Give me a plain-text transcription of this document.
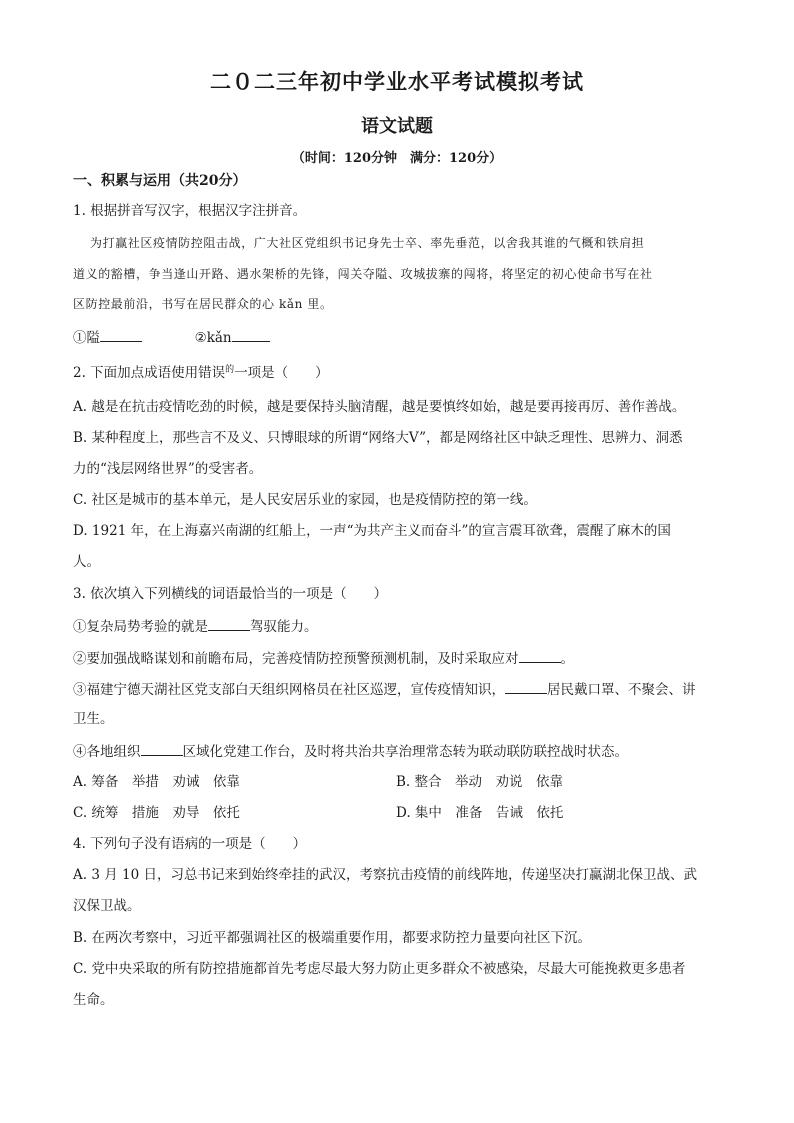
二０二三年初中学业水平考试模拟考试
语文试题
（时间：120分钟　满分：120分）
一、积累与运用（共20分）
1. 根据拼音写汉字，根据汉字注拼音。
为打赢社区疫情防控阻击战，广大社区党组织书记身先士卒、率先垂范，以舍我其谁的气概和铁肩担
道义的豁槽，争当逢山开路、遇水架桥的先锋，闯关夺隘、攻城拔寨的闯将，将坚定的初心使命书写在社
区防控最前沿，书写在居民群众的心 kǎn 里。
①隘	②kǎn
2. 下面加点成语使用错误$^的$一项是（　　）
A. 越是在抗击疫情吃劲的时候，越是要保持头脑清醒，越是要慎终如始，越是要再接再厉、善作善战。
B. 某种程度上，那些言不及义、只博眼球的所谓“网络大V”，都是网络社区中缺乏理性、思辨力、洞悉
力的“浅层网络世界”的受害者。
C. 社区是城市的基本单元，是人民安居乐业的家园，也是疫情防控的第一线。
D. 1921 年，在上海嘉兴南湖的红船上，一声“为共产主义而奋斗”的宣言震耳欲聋，震醒了麻木的国
人。
3. 依次填入下列横线的词语最恰当的一项是（　　）
①复杂局势考验的就是	驾驭能力。
②要加强战略谋划和前瞻布局，完善疫情防控预警预测机制，及时采取应对	。
③福建宁德天湖社区党支部白天组织网格员在社区巡逻，宣传疫情知识，	居民戴口罩、不聚会、讲
卫生。
④各地组织	区域化党建工作台，及时将共治共享治理常态转为联动联防联控战时状态。
A. 筹备　举措　劝诫　依靠	B. 整合　举动　劝说　依靠
C. 统筹　措施　劝导　依托	D. 集中　准备　告诫　依托
4. 下列句子没有语病的一项是（　　）
A. 3 月 10 日，习总书记来到始终牵挂的武汉，考察抗击疫情的前线阵地，传递坚决打赢湖北保卫战、武
汉保卫战。
B. 在两次考察中，习近平都强调社区的极端重要作用，都要求防控力量要向社区下沉。
C. 党中央采取的所有防控措施都首先考虑尽最大努力防止更多群众不被感染，尽最大可能挽救更多患者
生命。
